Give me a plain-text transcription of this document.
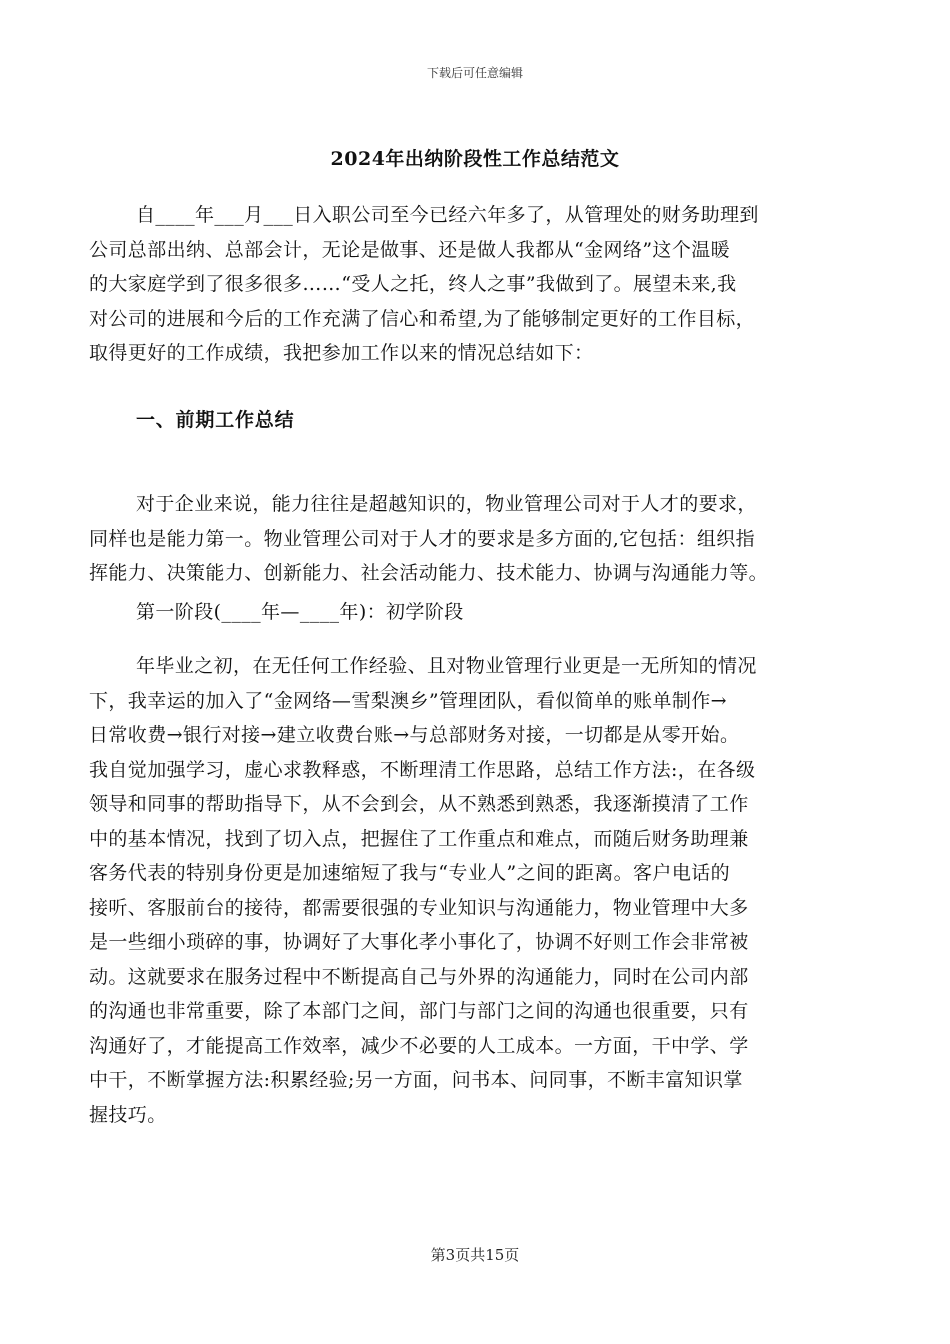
下载后可任意编辑
2024年出纳阶段性工作总结范文
自____年___月___日入职公司至今已经六年多了，从管理处的财务助理到
公司总部出纳、总部会计，无论是做事、还是做人我都从“金网络”这个温暖
的大家庭学到了很多很多……“受人之托，终人之事”我做到了。展望未来,我
对公司的进展和今后的工作充满了信心和希望,为了能够制定更好的工作目标，
取得更好的工作成绩，我把参加工作以来的情况总结如下：
一、前期工作总结
对于企业来说，能力往往是超越知识的，物业管理公司对于人才的要求，
同样也是能力第一。物业管理公司对于人才的要求是多方面的,它包括：组织指
挥能力、决策能力、创新能力、社会活动能力、技术能力、协调与沟通能力等。
第一阶段(____年—____年)：初学阶段
年毕业之初，在无任何工作经验、且对物业管理行业更是一无所知的情况
下，我幸运的加入了“金网络—雪梨澳乡”管理团队，看似简单的账单制作→
日常收费→银行对接→建立收费台账→与总部财务对接，一切都是从零开始。
我自觉加强学习，虚心求教释惑，不断理清工作思路，总结工作方法:，在各级
领导和同事的帮助指导下，从不会到会，从不熟悉到熟悉，我逐渐摸清了工作
中的基本情况，找到了切入点，把握住了工作重点和难点，而随后财务助理兼
客务代表的特别身份更是加速缩短了我与“专业人”之间的距离。客户电话的
接听、客服前台的接待，都需要很强的专业知识与沟通能力，物业管理中大多
是一些细小琐碎的事，协调好了大事化孝小事化了，协调不好则工作会非常被
动。这就要求在服务过程中不断提高自己与外界的沟通能力，同时在公司内部
的沟通也非常重要，除了本部门之间，部门与部门之间的沟通也很重要，只有
沟通好了，才能提高工作效率，减少不必要的人工成本。一方面，干中学、学
中干，不断掌握方法:积累经验;另一方面，问书本、问同事，不断丰富知识掌
握技巧。
第3页共15页
